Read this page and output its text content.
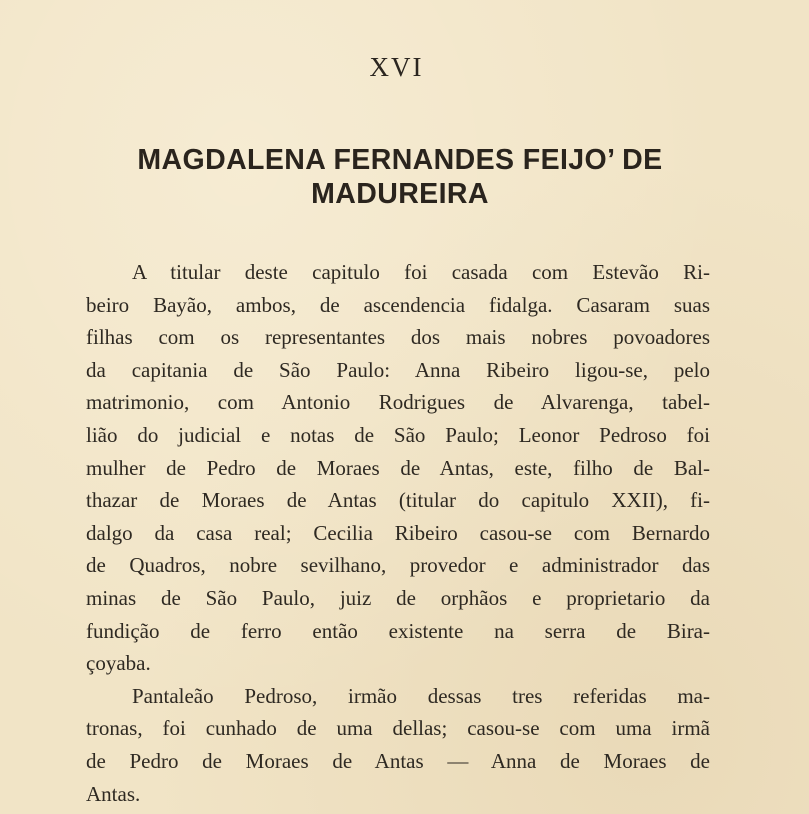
XVI
MAGDALENA FERNANDES FEIJO’ DE
MADUREIRA
A titular deste capitulo foi casada com Estevão Ri-
beiro Bayão, ambos, de ascendencia fidalga. Casaram suas
filhas com os representantes dos mais nobres povoadores
da capitania de São Paulo: Anna Ribeiro ligou-se, pelo
matrimonio, com Antonio Rodrigues de Alvarenga, tabel-
lião do judicial e notas de São Paulo; Leonor Pedroso foi
mulher de Pedro de Moraes de Antas, este, filho de Bal-
thazar de Moraes de Antas (titular do capitulo XXII), fi-
dalgo da casa real; Cecilia Ribeiro casou-se com Bernardo
de Quadros, nobre sevilhano, provedor e administrador das
minas de São Paulo, juiz de orphãos e proprietario da
fundição de ferro então existente na serra de Bira-
çoyaba.
Pantaleão Pedroso, irmão dessas tres referidas ma-
tronas, foi cunhado de uma dellas; casou-se com uma irmã
de Pedro de Moraes de Antas — Anna de Moraes de
Antas.
